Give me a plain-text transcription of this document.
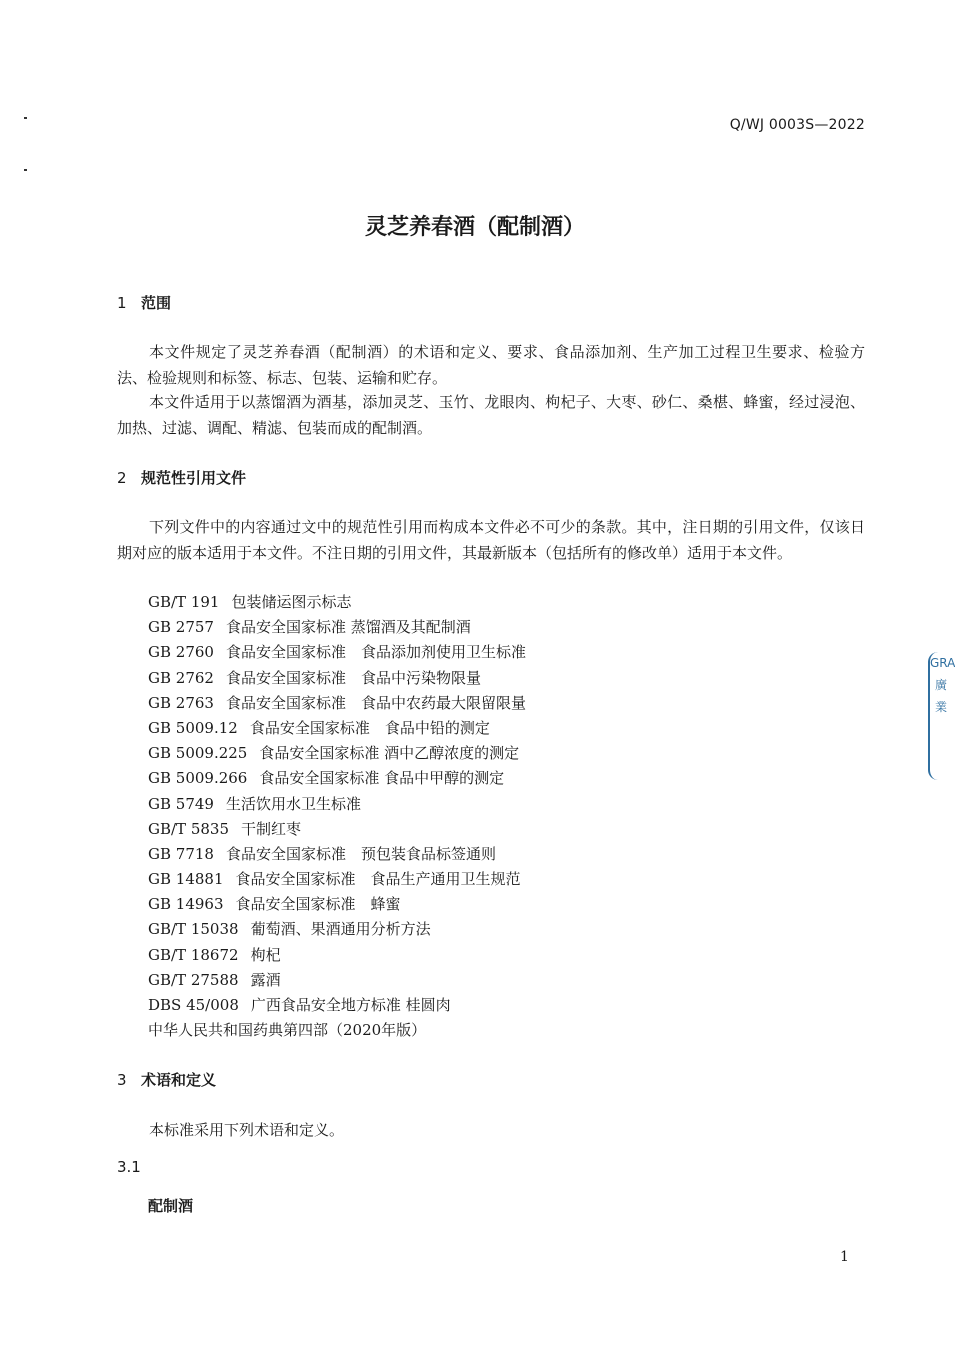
Q/WJ 0003S—2022
灵芝养春酒（配制酒）
1 范围
本文件规定了灵芝养春酒（配制酒）的术语和定义、要求、食品添加剂、生产加工过程卫生要求、检验方法、检验规则和标签、标志、包装、运输和贮存。
本文件适用于以蒸馏酒为酒基，添加灵芝、玉竹、龙眼肉、枸杞子、大枣、砂仁、桑椹、蜂蜜，经过浸泡、加热、过滤、调配、精滤、包装而成的配制酒。
2 规范性引用文件
下列文件中的内容通过文中的规范性引用而构成本文件必不可少的条款。其中，注日期的引用文件，仅该日期对应的版本适用于本文件。不注日期的引用文件，其最新版本（包括所有的修改单）适用于本文件。
GB/T 191 包装储运图示标志
GB 2757 食品安全国家标准 蒸馏酒及其配制酒
GB 2760 食品安全国家标准　食品添加剂使用卫生标准
GB 2762 食品安全国家标准　食品中污染物限量
GB 2763 食品安全国家标准　食品中农药最大限留限量
GB 5009.12 食品安全国家标准　食品中铅的测定
GB 5009.225 食品安全国家标准 酒中乙醇浓度的测定
GB 5009.266 食品安全国家标准 食品中甲醇的测定
GB 5749 生活饮用水卫生标准
GB/T 5835 干制红枣
GB 7718 食品安全国家标准　预包装食品标签通则
GB 14881 食品安全国家标准　食品生产通用卫生规范
GB 14963 食品安全国家标准　蜂蜜
GB/T 15038 葡萄酒、果酒通用分析方法
GB/T 18672 枸杞
GB/T 27588 露酒
DBS 45/008 广西食品安全地方标准 桂圆肉
中华人民共和国药典第四部（2020年版）
3 术语和定义
本标准采用下列术语和定义。
3.1
配制酒
1
GRA
廣
業
